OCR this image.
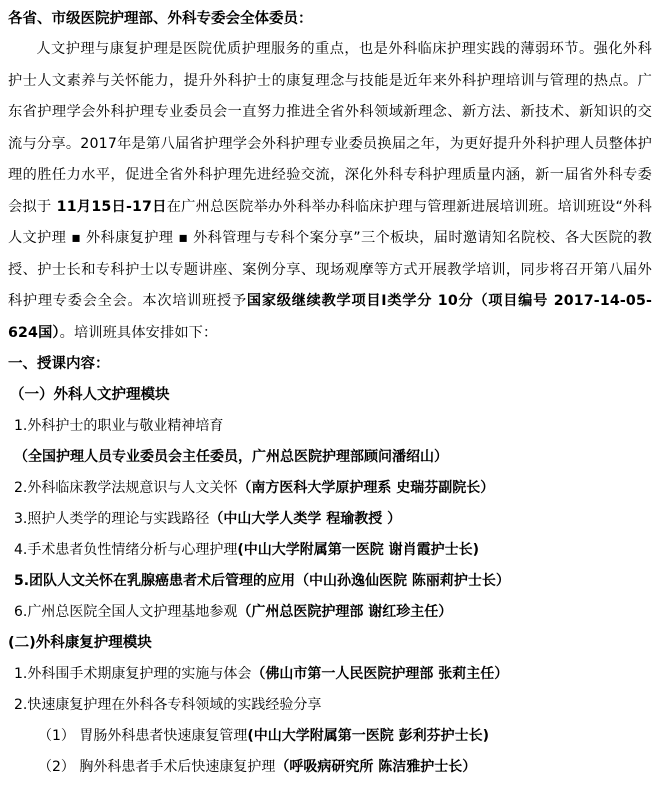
各省、市级医院护理部、外科专委会全体委员：

人文护理与康复护理是医院优质护理服务的重点，也是外科临床护理实践的薄弱环节。强化外科护士人文素养与关怀能力，提升外科护士的康复理念与技能是近年来外科护理培训与管理的热点。广东省护理学会外科护理专业委员会一直努力推进全省外科领域新理念、新方法、新技术、新知识的交流与分享。2017年是第八届省护理学会外科护理专业委员换届之年，为更好提升外科护理人员整体护理的胜任力水平，促进全省外科护理先进经验交流，深化外科专科护理质量内涵，新一届省外科专委会拟于 11月15日-17日在广州总医院举办外科举办科临床护理与管理新进展培训班。培训班设“外科人文护理 ▪ 外科康复护理 ▪ 外科管理与专科个案分享”三个板块，届时邀请知名院校、各大医院的教授、护士长和专科护士以专题讲座、案例分享、现场观摩等方式开展教学培训，同步将召开第八届外科护理专委会全会。本次培训班授予国家级继续教学项目Ⅰ类学分 10分（项目编号 2017-14-05-624国）。培训班具体安排如下：

一、授课内容：
（一）外科人文护理模块
1.外科护士的职业与敬业精神培育（全国护理人员专业委员会主任委员，广州总医院护理部顾问潘绍山）
2.外科临床教学法规意识与人文关怀（南方医科大学原护理系 史瑞芬副院长）
3.照护人类学的理论与实践路径（中山大学人类学 程瑜教授 ）
4.手术患者负性情绪分析与心理护理(中山大学附属第一医院 谢肖霞护士长)
5.团队人文关怀在乳腺癌患者术后管理的应用（中山孙逸仙医院 陈丽莉护士长）
6.广州总医院全国人文护理基地参观（广州总医院护理部 谢红珍主任）
(二)外科康复护理模块
1.外科围手术期康复护理的实施与体会（佛山市第一人民医院护理部 张莉主任）
2.快速康复护理在外科各专科领域的实践经验分享
（1） 胃肠外科患者快速康复管理(中山大学附属第一医院 彭利芬护士长)
（2） 胸外科患者手术后快速康复护理（呼吸病研究所 陈洁雅护士长）
